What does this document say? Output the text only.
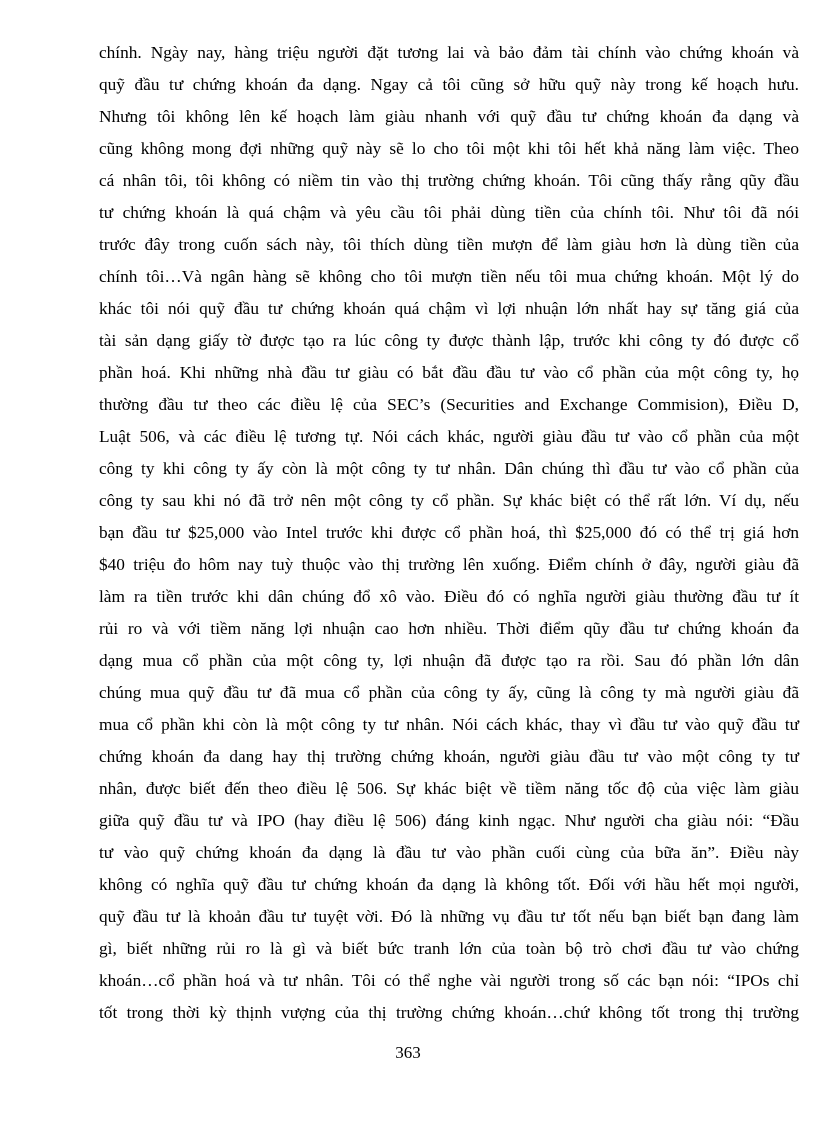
chính. Ngày nay, hàng triệu người đặt tương lai và bảo đảm tài chính vào chứng khoán và
quỹ đầu tư chứng khoán đa dạng. Ngay cả tôi cũng sở hữu quỹ này trong kế hoạch hưu.
Nhưng tôi không lên kế hoạch làm giàu nhanh với quỹ đầu tư chứng khoán đa dạng và
cũng không mong đợi những quỹ này sẽ lo cho tôi một khi tôi hết khả năng làm việc. Theo
cá nhân tôi, tôi không có niềm tin vào thị trường chứng khoán. Tôi cũng thấy rằng qũy đầu
tư chứng khoán là quá chậm và yêu cầu tôi phải dùng tiền của chính tôi. Như tôi đã nói
trước đây trong cuốn sách này, tôi thích dùng tiền mượn để làm giàu hơn là dùng tiền của
chính tôi…Và ngân hàng sẽ không cho tôi mượn tiền nếu tôi mua chứng khoán. Một lý do
khác tôi nói quỹ đầu tư chứng khoán quá chậm vì lợi nhuận lớn nhất hay sự tăng giá của
tài sản dạng giấy tờ được tạo ra lúc công ty được thành lập, trước khi công ty đó được cổ
phần hoá. Khi những nhà đầu tư giàu có bắt đầu đầu tư vào cổ phần của một công ty, họ
thường đầu tư theo các điều lệ của SEC’s (Securities and Exchange Commision), Điều D,
Luật 506, và các điều lệ tương tự. Nói cách khác, người giàu đầu tư vào cổ phần của một
công ty khi công ty ấy còn là một công ty tư nhân. Dân chúng thì đầu tư vào cổ phần của
công ty sau khi nó đã trở nên một công ty cổ phần. Sự khác biệt có thể rất lớn. Ví dụ, nếu
bạn đầu tư $25,000 vào Intel trước khi được cổ phần hoá, thì $25,000 đó có thể trị giá hơn
$40 triệu đo hôm nay tuỳ thuộc vào thị trường lên xuống. Điểm chính ở đây, người giàu đã
làm ra tiền trước khi dân chúng đổ xô vào. Điều đó có nghĩa người giàu thường đầu tư ít
rủi ro và với tiềm năng lợi nhuận cao hơn nhiều. Thời điểm qũy đầu tư chứng khoán đa
dạng mua cổ phần của một công ty, lợi nhuận đã được tạo ra rồi. Sau đó phần lớn dân
chúng mua quỹ đầu tư đã mua cổ phần của công ty ấy, cũng là công ty mà người giàu đã
mua cổ phần khi còn là một công ty tư nhân. Nói cách khác, thay vì đầu tư vào quỹ đầu tư
chứng khoán đa dang hay thị trường chứng khoán, người giàu đầu tư vào một công ty tư
nhân, được biết đến theo điều lệ 506. Sự khác biệt về tiềm năng tốc độ của việc làm giàu
giữa quỹ đầu tư và IPO (hay điều lệ 506) đáng kinh ngạc. Như người cha giàu nói: “Đầu
tư vào quỹ chứng khoán đa dạng là đầu tư vào phần cuối cùng của bữa ăn”. Điều này
không có nghĩa quỹ đầu tư chứng khoán đa dạng là không tốt. Đối với hầu hết mọi người,
quỹ đầu tư là khoản đầu tư tuyệt vời. Đó là những vụ đầu tư tốt nếu bạn biết bạn đang làm
gì, biết những rủi ro là gì và biết bức tranh lớn của toàn bộ trò chơi đầu tư vào chứng
khoán…cổ phần hoá và tư nhân. Tôi có thể nghe vài người trong số các bạn nói: “IPOs chỉ
tốt trong thời kỳ thịnh vượng của thị trường chứng khoán…chứ không tốt trong thị trường
363
